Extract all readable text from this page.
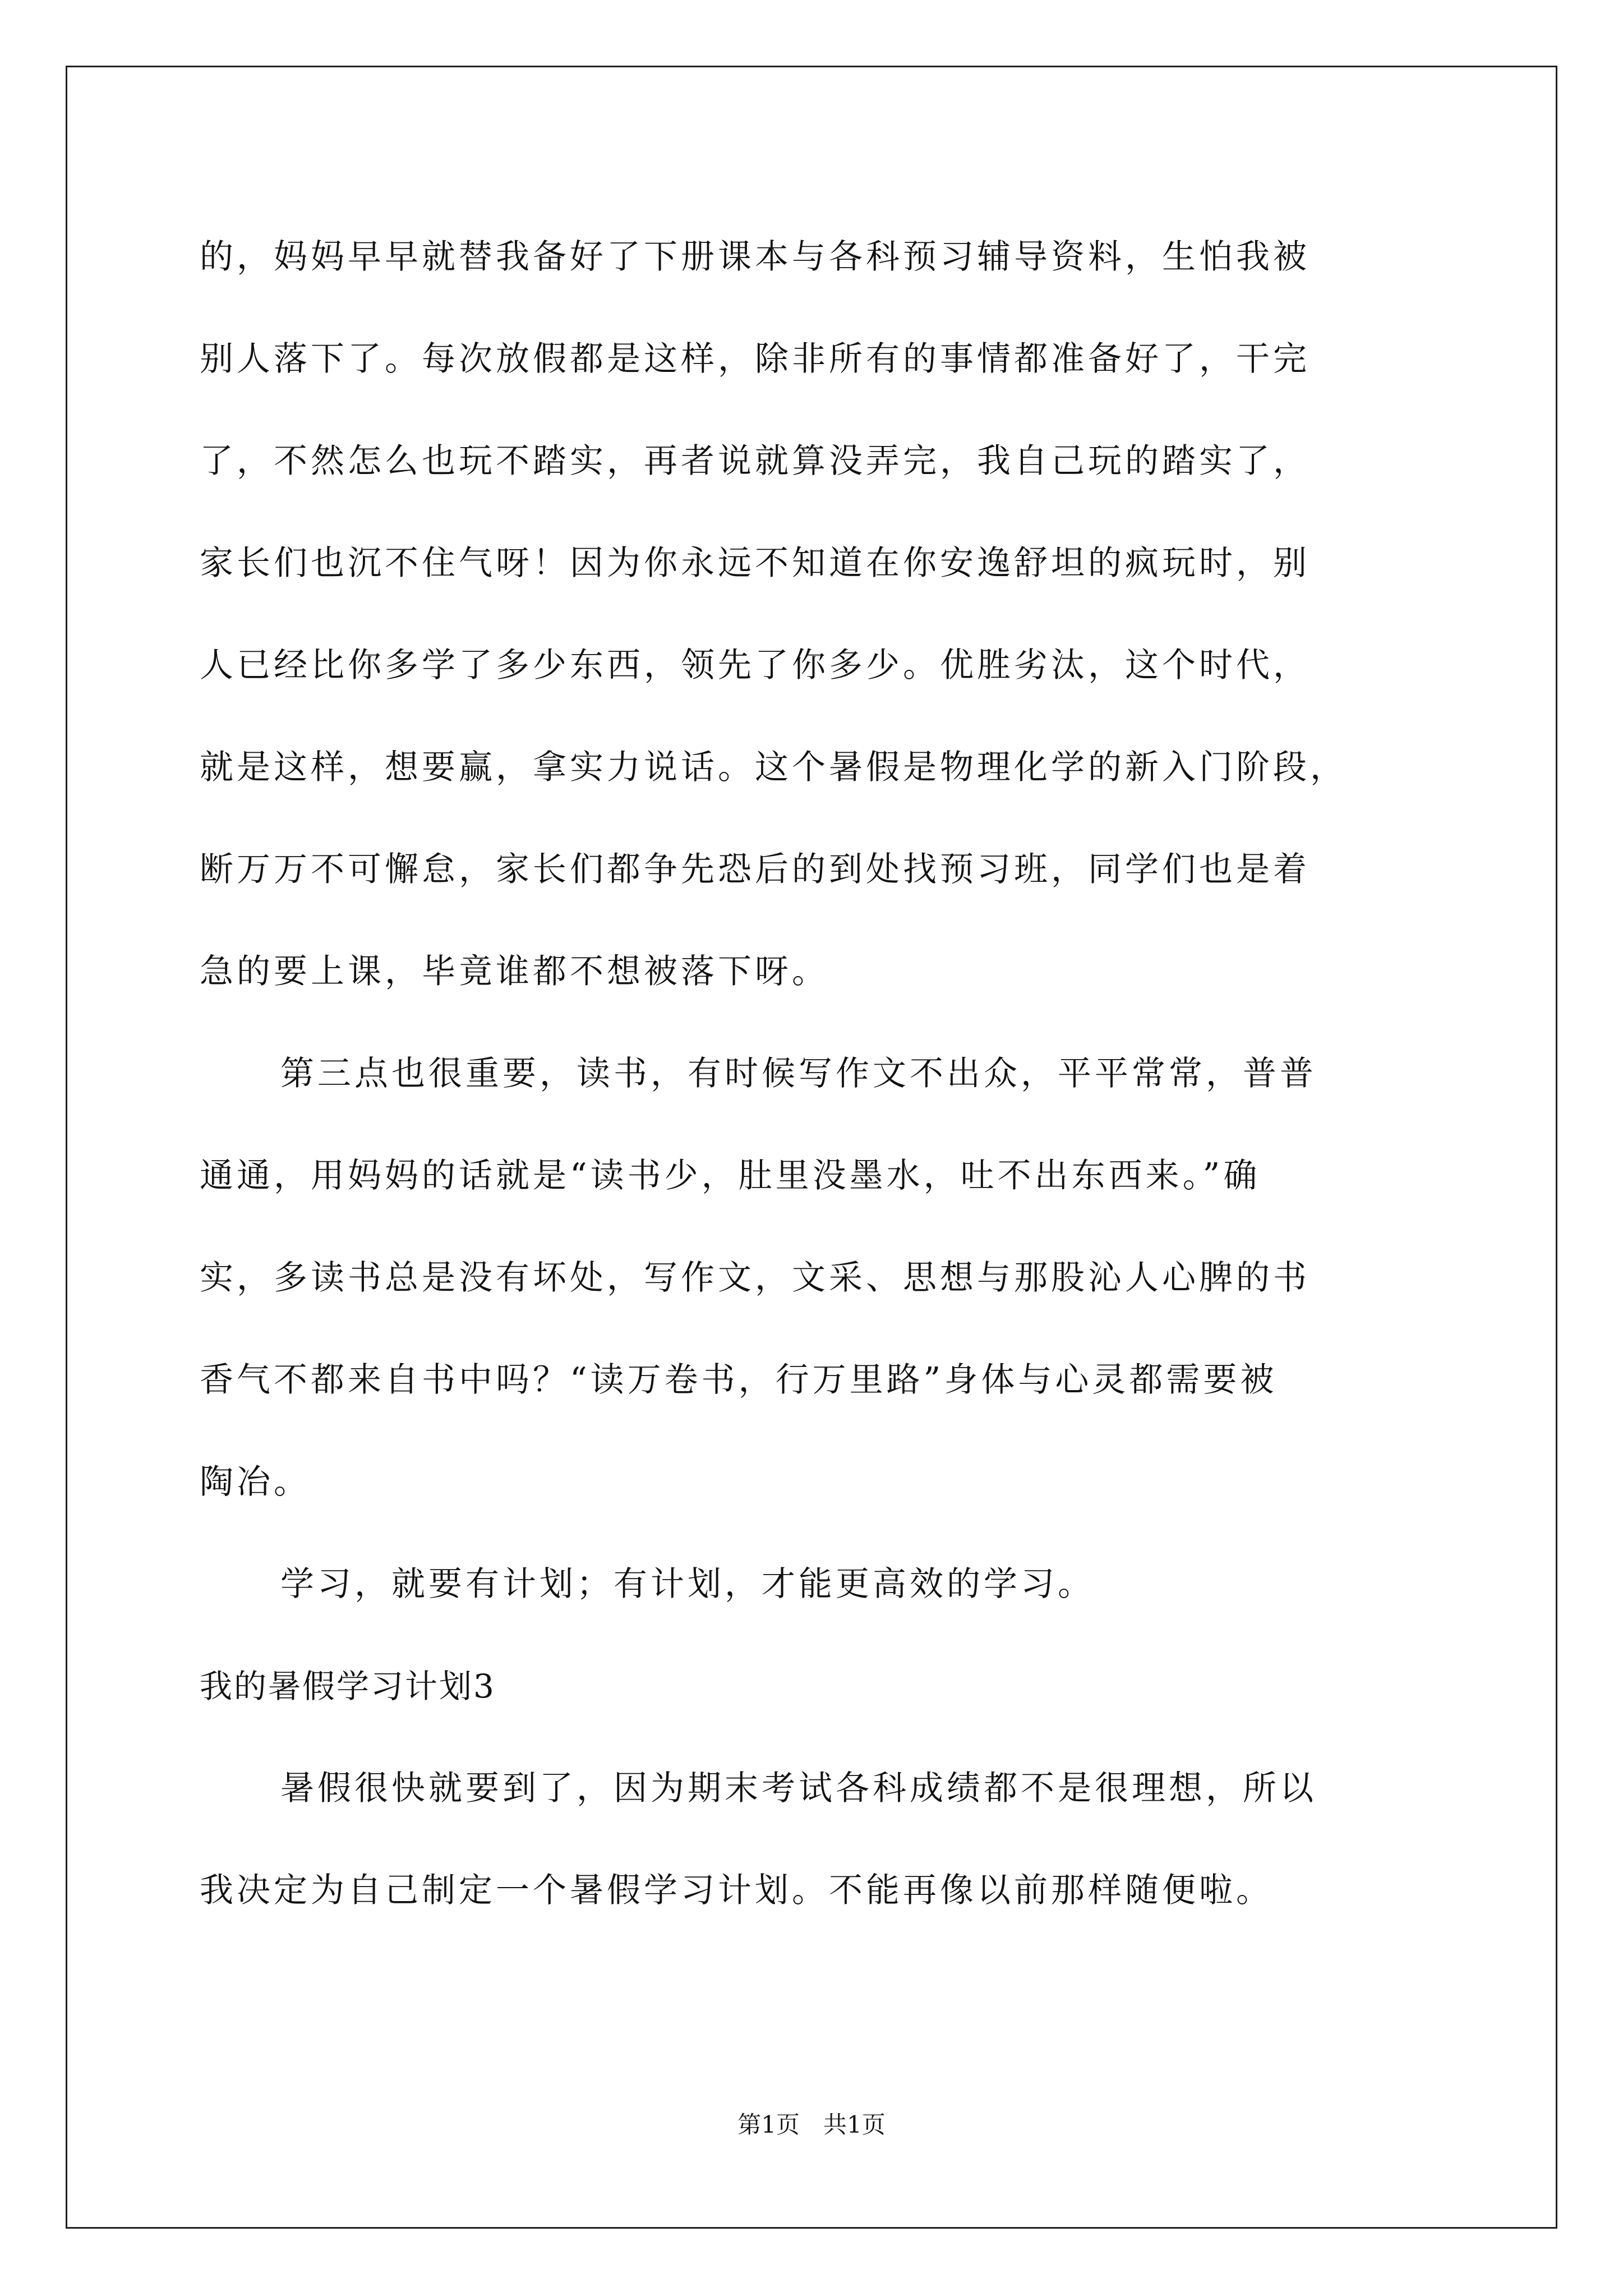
的，妈妈早早就替我备好了下册课本与各科预习辅导资料，生怕我被
别人落下了。每次放假都是这样，除非所有的事情都准备好了，干完
了，不然怎么也玩不踏实，再者说就算没弄完，我自己玩的踏实了，
家长们也沉不住气呀！因为你永远不知道在你安逸舒坦的疯玩时，别
人已经比你多学了多少东西，领先了你多少。优胜劣汰，这个时代，
就是这样，想要赢，拿实力说话。这个暑假是物理化学的新入门阶段，
断万万不可懈怠，家长们都争先恐后的到处找预习班，同学们也是着
急的要上课，毕竟谁都不想被落下呀。
第三点也很重要，读书，有时候写作文不出众，平平常常，普普
通通，用妈妈的话就是“读书少，肚里没墨水，吐不出东西来。”确
实，多读书总是没有坏处，写作文，文采、思想与那股沁人心脾的书
香气不都来自书中吗？“读万卷书，行万里路”身体与心灵都需要被
陶冶。
学习，就要有计划；有计划，才能更高效的学习。
我的暑假学习计划3
暑假很快就要到了，因为期末考试各科成绩都不是很理想，所以
我决定为自己制定一个暑假学习计划。不能再像以前那样随便啦。
第1页　共1页
